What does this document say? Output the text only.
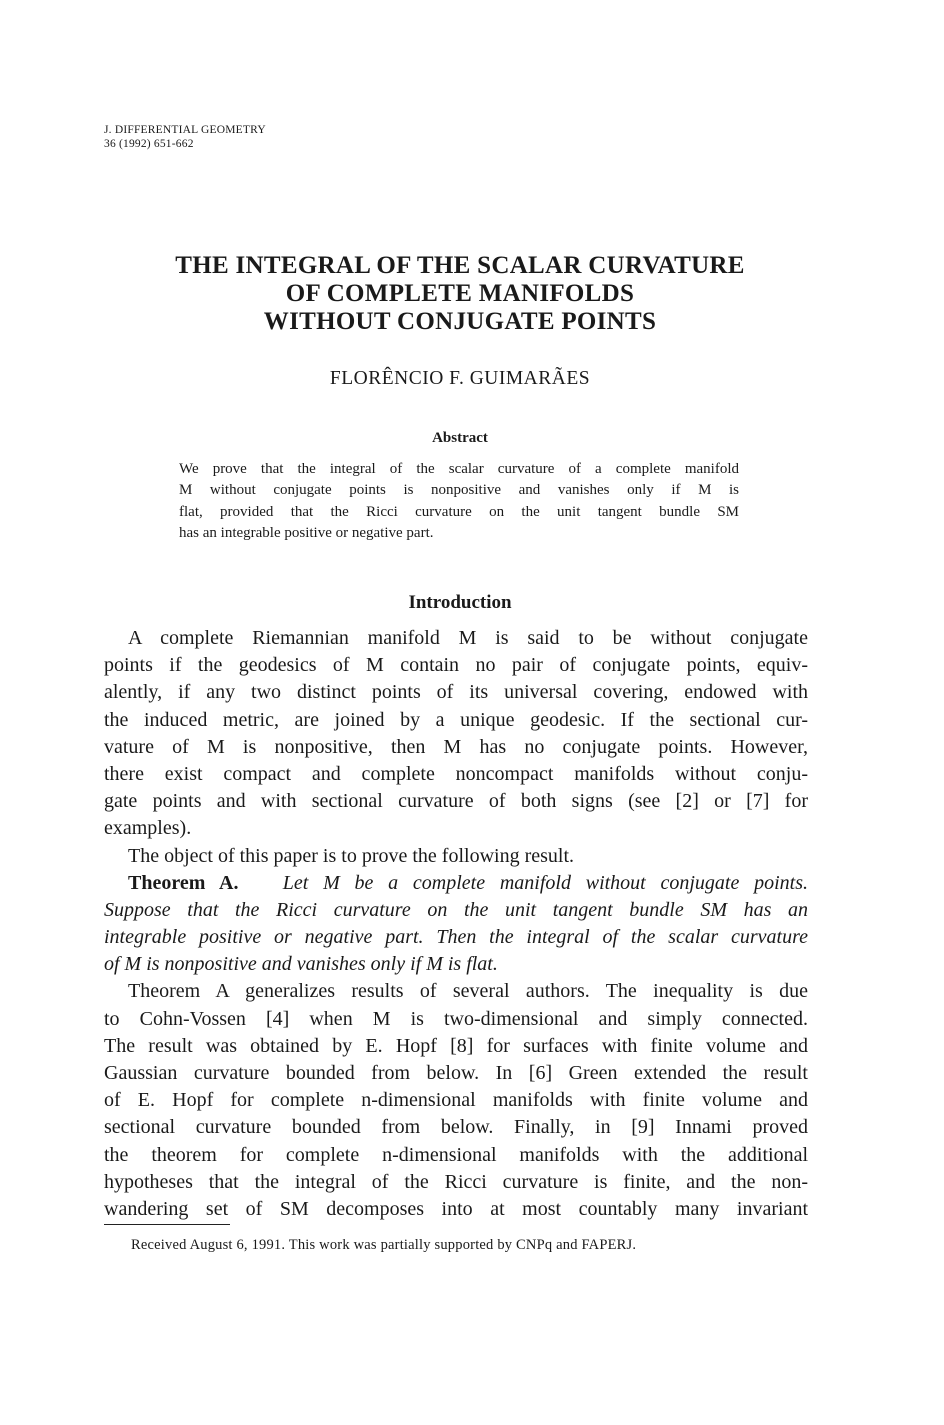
J. DIFFERENTIAL GEOMETRY
36 (1992) 651-662
THE INTEGRAL OF THE SCALAR CURVATURE
OF COMPLETE MANIFOLDS
WITHOUT CONJUGATE POINTS
FLORÊNCIO F. GUIMARÃES
Abstract
We prove that the integral of the scalar curvature of a complete manifold
M without conjugate points is nonpositive and vanishes only if M is
flat, provided that the Ricci curvature on the unit tangent bundle SM
has an integrable positive or negative part.
Introduction
A complete Riemannian manifold M is said to be without conjugate
points if the geodesics of M contain no pair of conjugate points, equiv-
alently, if any two distinct points of its universal covering, endowed with
the induced metric, are joined by a unique geodesic. If the sectional cur-
vature of M is nonpositive, then M has no conjugate points. However,
there exist compact and complete noncompact manifolds without conju-
gate points and with sectional curvature of both signs (see [2] or [7] for
examples).
The object of this paper is to prove the following result.
Theorem A. Let M be a complete manifold without conjugate points.
Suppose that the Ricci curvature on the unit tangent bundle SM has an
integrable positive or negative part. Then the integral of the scalar curvature
of M is nonpositive and vanishes only if M is flat.
Theorem A generalizes results of several authors. The inequality is due
to Cohn-Vossen [4] when M is two-dimensional and simply connected.
The result was obtained by E. Hopf [8] for surfaces with finite volume and
Gaussian curvature bounded from below. In [6] Green extended the result
of E. Hopf for complete n-dimensional manifolds with finite volume and
sectional curvature bounded from below. Finally, in [9] Innami proved
the theorem for complete n-dimensional manifolds with the additional
hypotheses that the integral of the Ricci curvature is finite, and the non-
wandering set of SM decomposes into at most countably many invariant
Received August 6, 1991. This work was partially supported by CNPq and FAPERJ.
